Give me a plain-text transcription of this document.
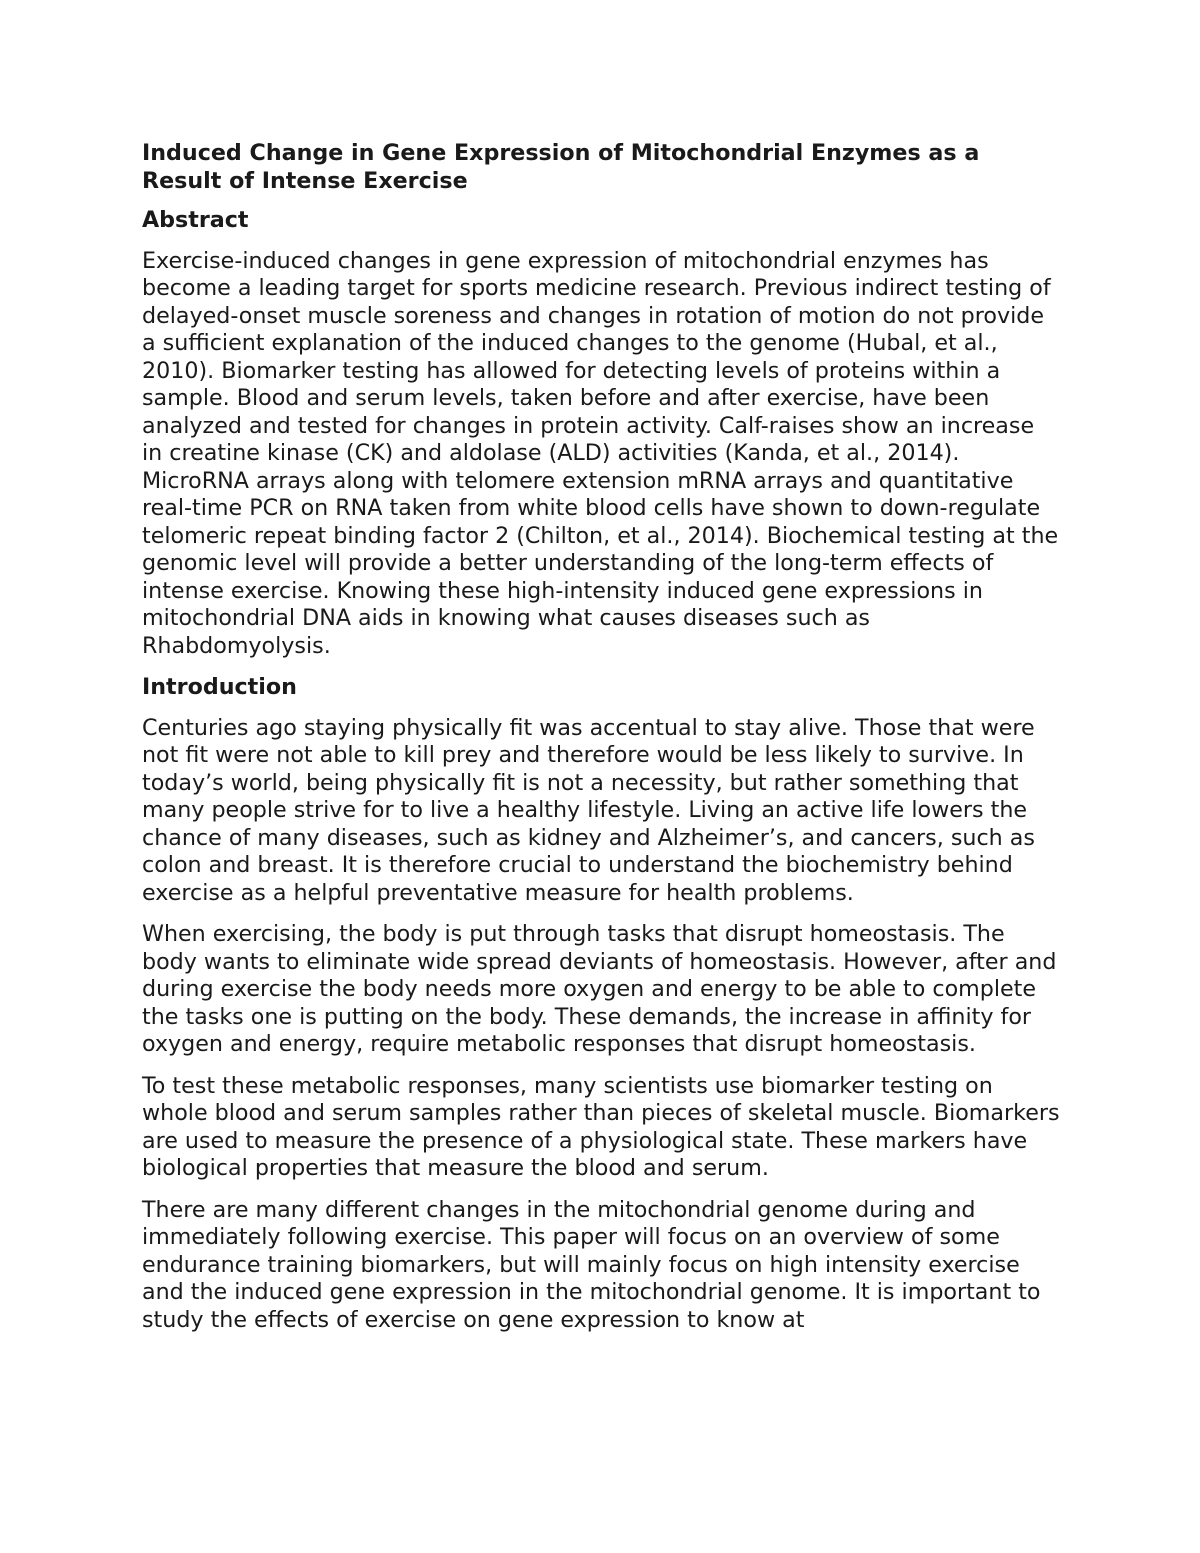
Induced Change in Gene Expression of Mitochondrial Enzymes as a Result of Intense Exercise
Abstract

Exercise-induced changes in gene expression of mitochondrial enzymes has become a leading target for sports medicine research. Previous indirect testing of delayed-onset muscle soreness and changes in rotation of motion do not provide a sufficient explanation of the induced changes to the genome (Hubal, et al., 2010). Biomarker testing has allowed for detecting levels of proteins within a sample. Blood and serum levels, taken before and after exercise, have been analyzed and tested for changes in protein activity. Calf-raises show an increase in creatine kinase (CK) and aldolase (ALD) activities (Kanda, et al., 2014). MicroRNA arrays along with telomere extension mRNA arrays and quantitative real-time PCR on RNA taken from white blood cells have shown to down-regulate telomeric repeat binding factor 2 (Chilton, et al., 2014). Biochemical testing at the genomic level will provide a better understanding of the long-term effects of intense exercise. Knowing these high-intensity induced gene expressions in mitochondrial DNA aids in knowing what causes diseases such as Rhabdomyolysis.

Introduction

Centuries ago staying physically fit was accentual to stay alive. Those that were not fit were not able to kill prey and therefore would be less likely to survive. In today’s world, being physically fit is not a necessity, but rather something that many people strive for to live a healthy lifestyle. Living an active life lowers the chance of many diseases, such as kidney and Alzheimer’s, and cancers, such as colon and breast. It is therefore crucial to understand the biochemistry behind exercise as a helpful preventative measure for health problems.

When exercising, the body is put through tasks that disrupt homeostasis. The body wants to eliminate wide spread deviants of homeostasis. However, after and during exercise the body needs more oxygen and energy to be able to complete the tasks one is putting on the body. These demands, the increase in affinity for oxygen and energy, require metabolic responses that disrupt homeostasis.

To test these metabolic responses, many scientists use biomarker testing on whole blood and serum samples rather than pieces of skeletal muscle. Biomarkers are used to measure the presence of a physiological state. These markers have biological properties that measure the blood and serum.

There are many different changes in the mitochondrial genome during and immediately following exercise. This paper will focus on an overview of some endurance training biomarkers, but will mainly focus on high intensity exercise and the induced gene expression in the mitochondrial genome. It is important to study the effects of exercise on gene expression to know at
